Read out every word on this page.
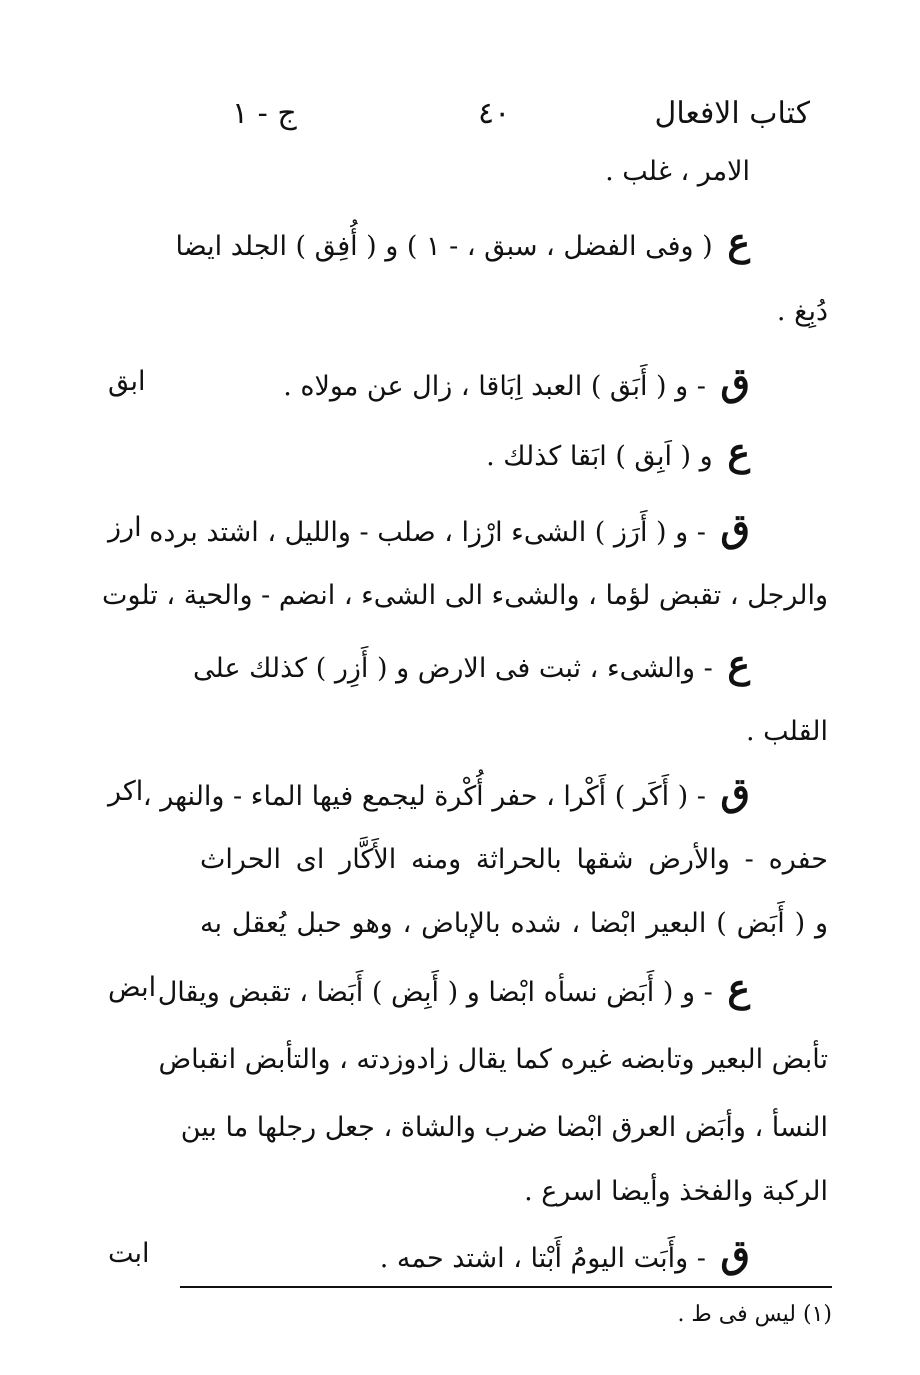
كتاب الافعال
٤٠
ج - ١
الامر ، غلب .
ع ( وفى الفضل ، سبق ، - ١ ) و ( أُفِق ) الجلد ايضا
دُبِغ .
ق - و ( أَبَق ) العبد اِبَاقا ، زال عن مولاه .
ابق
ع و ( اَبِق ) ابَقا كذلك .
ق - و ( أَرَز ) الشىء ارْزا ، صلب - والليل ، اشتد برده
ارز
والرجل ، تقبض لؤما ، والشىء الى الشىء ، انضم - والحية ، تلوت
ع - والشىء ، ثبت فى الارض و ( أَزِر ) كذلك على
القلب .
ق - ( أَكَر ) أَكْرا ، حفر أُكْرة ليجمع فيها الماء - والنهر ،
اكر
حفره - والأرض شقها بالحراثة ومنه الأَكَّار اى الحراث
و ( أَبَض ) البعير ابْضا ، شده بالإباض ، وهو حبل يُعقل به
ع - و ( أَبَض نسأه ابْضا و ( أَبِض ) أَبَضا ، تقبض ويقال
ابض
تأبض البعير وتابضه غيره كما يقال زادوزدته ، والتأبض انقباض
النسأ ، وأبَض العرق ابْضا ضرب والشاة ، جعل رجلها ما بين
الركبة والفخذ وأيضا اسرع .
ق - وأَبَت اليومُ أَبْتا ، اشتد حمه .
ابت
(١) ليس فى ط .
